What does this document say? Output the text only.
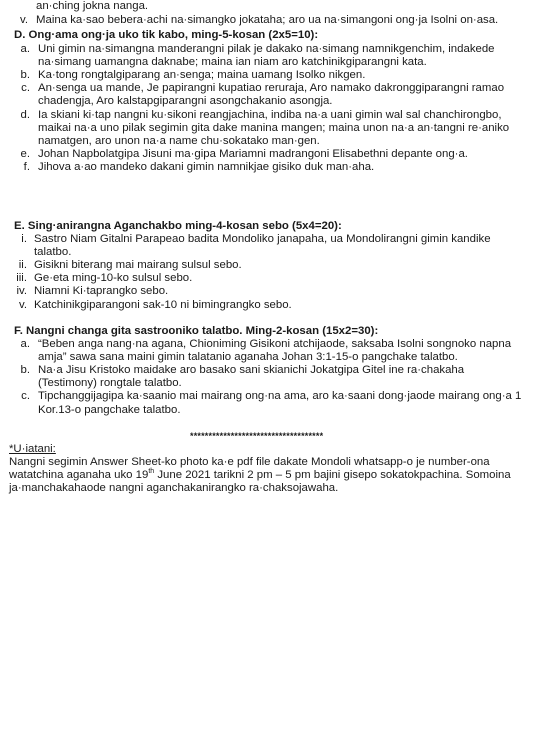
an·ching jokna nanga.
v. Maina ka·sao bebera·achi na·simangko jokataha; aro ua na·simangoni ong·ja Isolni on·asa.
D. Ong·ama ong·ja uko tik kabo, ming-5-kosan (2x5=10):
a. Uni gimin na·simangna manderangni pilak je dakako na·simang namnikgenchim, indakede
na·simang uamangna daknabe; maina ian niam aro katchinikgiparangni kata.
b. Ka·tong rongtalgiparang an·senga; maina uamang Isolko nikgen.
c. An·senga ua mande, Je papirangni kupatiao reruraja, Aro namako dakronggiparangni ramao
chadengja, Aro kalstapgiparangni asongchakanio asongja.
d. Ia skiani ki·tap nangni ku·sikoni reangjachina, indiba na·a uani gimin wal sal chanchirongbo,
maikai na·a uno pilak segimin gita dake manina mangen; maina unon na·a an·tangni re·aniko
namatgen, aro unon na·a name chu·sokatako man·gen.
e. Johan Napbolatgipa Jisuni ma·gipa Mariamni madrangoni Elisabethni depante ong·a.
f. Jihova a·ao mandeko dakani gimin namnikjae gisiko duk man·aha.
E. Sing·anirangna Aganchakbo ming-4-kosan sebo (5x4=20):
i. Sastro Niam Gitalni Parapeao badita Mondoliko janapaha, ua Mondolirangni gimin kandike
talatbo.
ii. Gisikni biterang mai mairang sulsul sebo.
iii. Ge·eta ming-10-ko sulsul sebo.
iv. Niamni Ki·taprangko sebo.
v. Katchinikgiparangoni sak-10 ni bimingrangko sebo.
F. Nangni changa gita sastrooniko talatbo. Ming-2-kosan (15x2=30):
a. “Beben anga nang·na agana, Chioniming Gisikoni atchijaode, saksaba Isolni songnoko napna
amja” sawa sana maini gimin talataniо aganaha Johan 3:1-15-o pangchake talatbo.
b. Na·a Jisu Kristoko maidake aro basako sani skianichi Jokatgipa Gitel ine ra·chakaha
(Testimony) rongtale talatbo.
c. Tipchanggijagipa ka·saanio mai mairang ong·na ama, aro ka·saani dong·jaode mairang ong·a 1
Kor.13-o pangchake talatbo.
************************************
*U·iatani:
Nangni segimin Answer Sheet-ko photo ka·e pdf file dakate Mondoli whatsapp-o je number-ona
watatchina aganaha uko 19th June 2021 tarikni 2 pm – 5 pm bajini gisepo sokatokpachina. Somoina
ja·manchakahaode nangni aganchakanirangko ra·chaksojawaha.
